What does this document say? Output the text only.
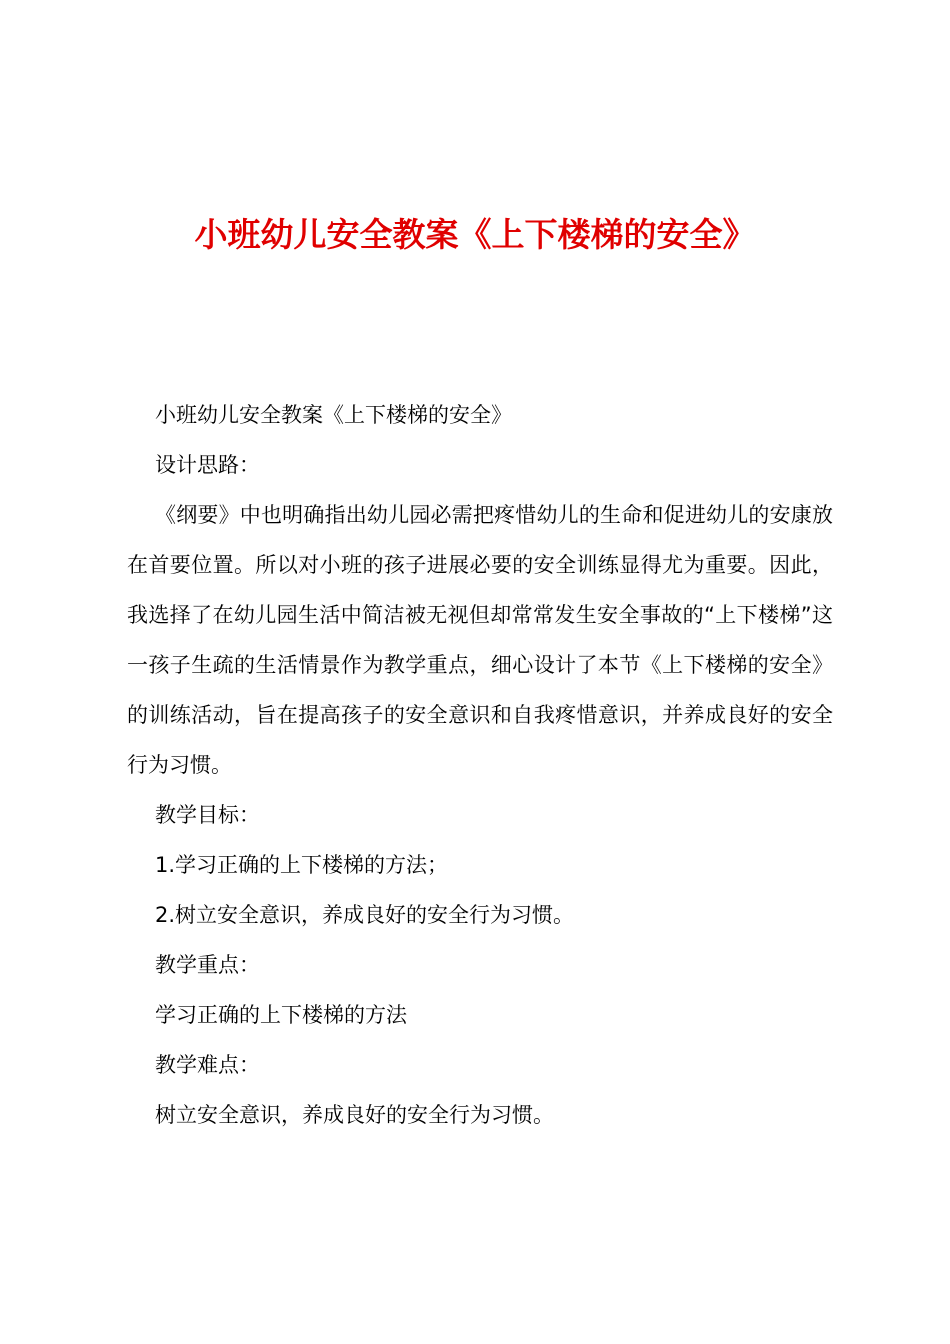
小班幼儿安全教案《上下楼梯的安全》

小班幼儿安全教案《上下楼梯的安全》

设计思路：

《纲要》中也明确指出幼儿园必需把疼惜幼儿的生命和促进幼儿的安康放在首要位置。所以对小班的孩子进展必要的安全训练显得尤为重要。因此，我选择了在幼儿园生活中简洁被无视但却常常发生安全事故的“上下楼梯”这一孩子生疏的生活情景作为教学重点，细心设计了本节《上下楼梯的安全》的训练活动，旨在提高孩子的安全意识和自我疼惜意识，并养成良好的安全行为习惯。

教学目标：

1.学习正确的上下楼梯的方法；

2.树立安全意识，养成良好的安全行为习惯。

教学重点：

学习正确的上下楼梯的方法

教学难点：

树立安全意识，养成良好的安全行为习惯。
